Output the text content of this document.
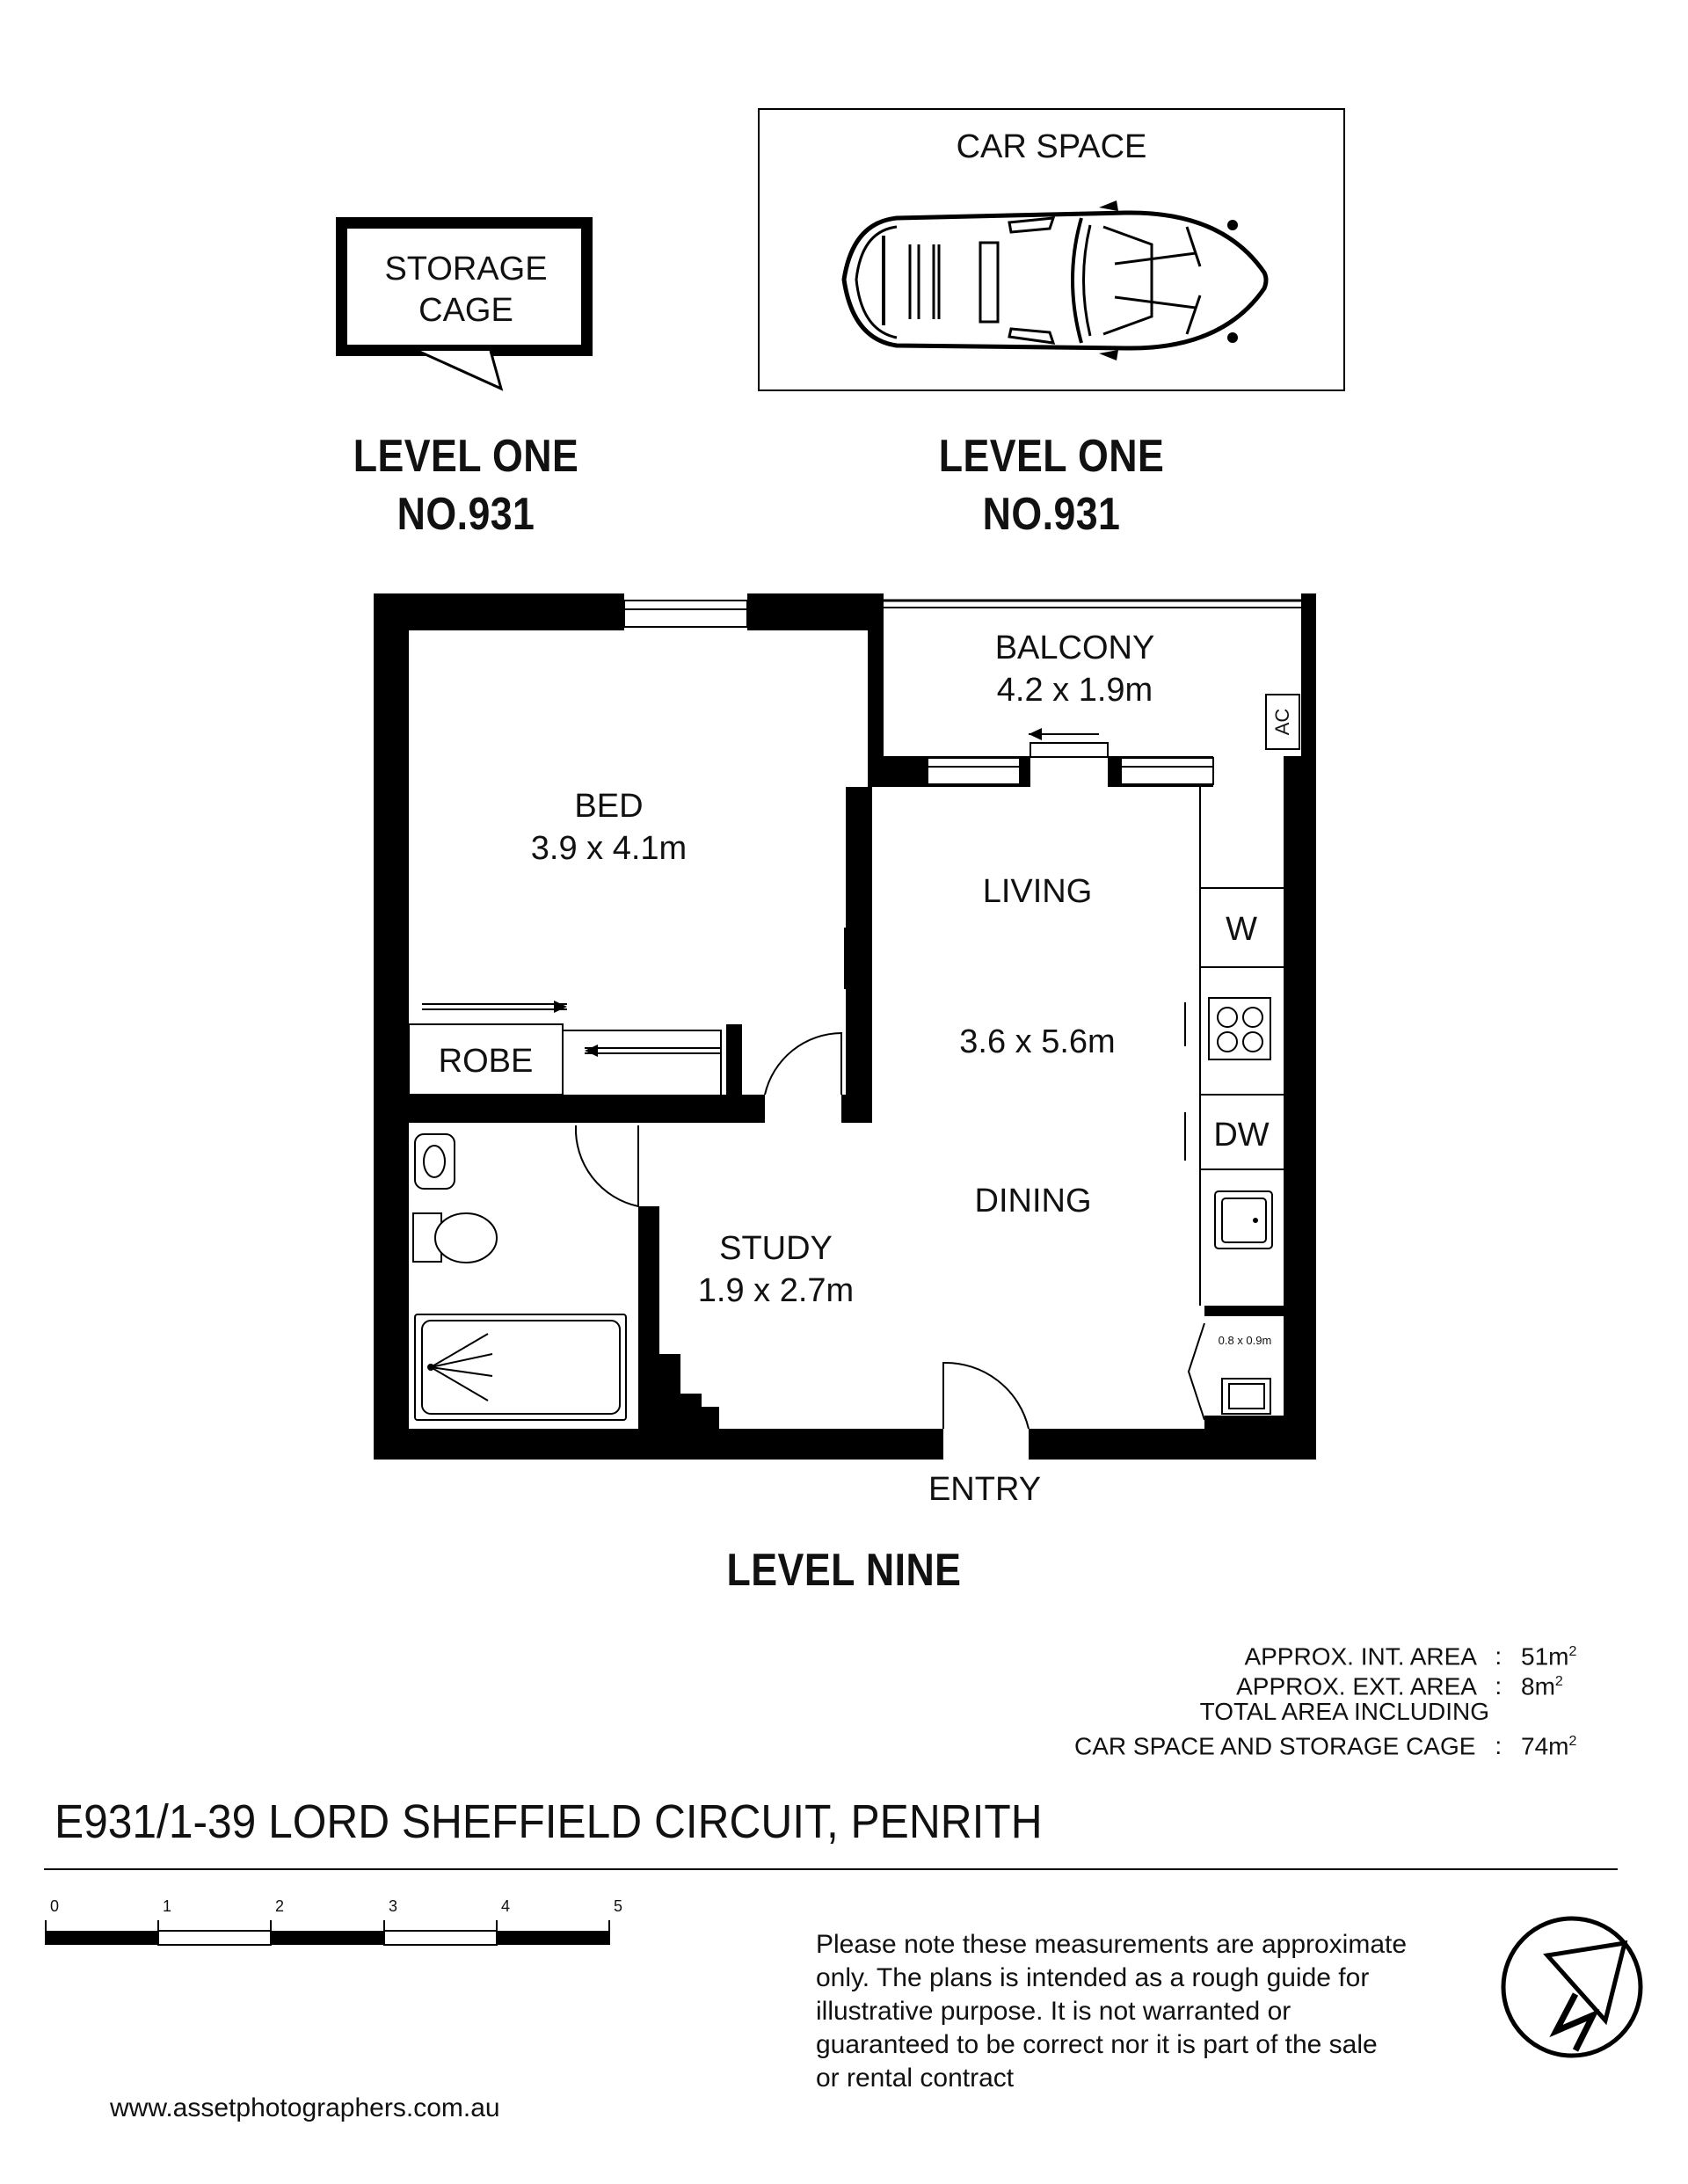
STORAGE
CAGE
LEVEL ONE
NO.931
CAR SPACE
LEVEL ONE
NO.931
BALCONY
4.2 x 1.9m
AC
BED
3.9 x 4.1m
ROBE
LIVING
3.6 x 5.6m
DINING
STUDY
1.9 x 2.7m
W
DW
0.8 x 0.9m
ENTRY
LEVEL NINE
APPROX. INT. AREA : $51m^2$
APPROX. EXT. AREA : $8m^2$
TOTAL AREA INCLUDING
CAR SPACE AND STORAGE CAGE : $74m^2$
E931/1-39 LORD SHEFFIELD CIRCUIT, PENRITH
0	1	2	3	4	5
Please note these measurements are approximate
only. The plans is intended as a rough guide for
illustrative purpose. It is not warranted or
guaranteed to be correct nor it is part of the sale
or rental contract
www.assetphotographers.com.au
